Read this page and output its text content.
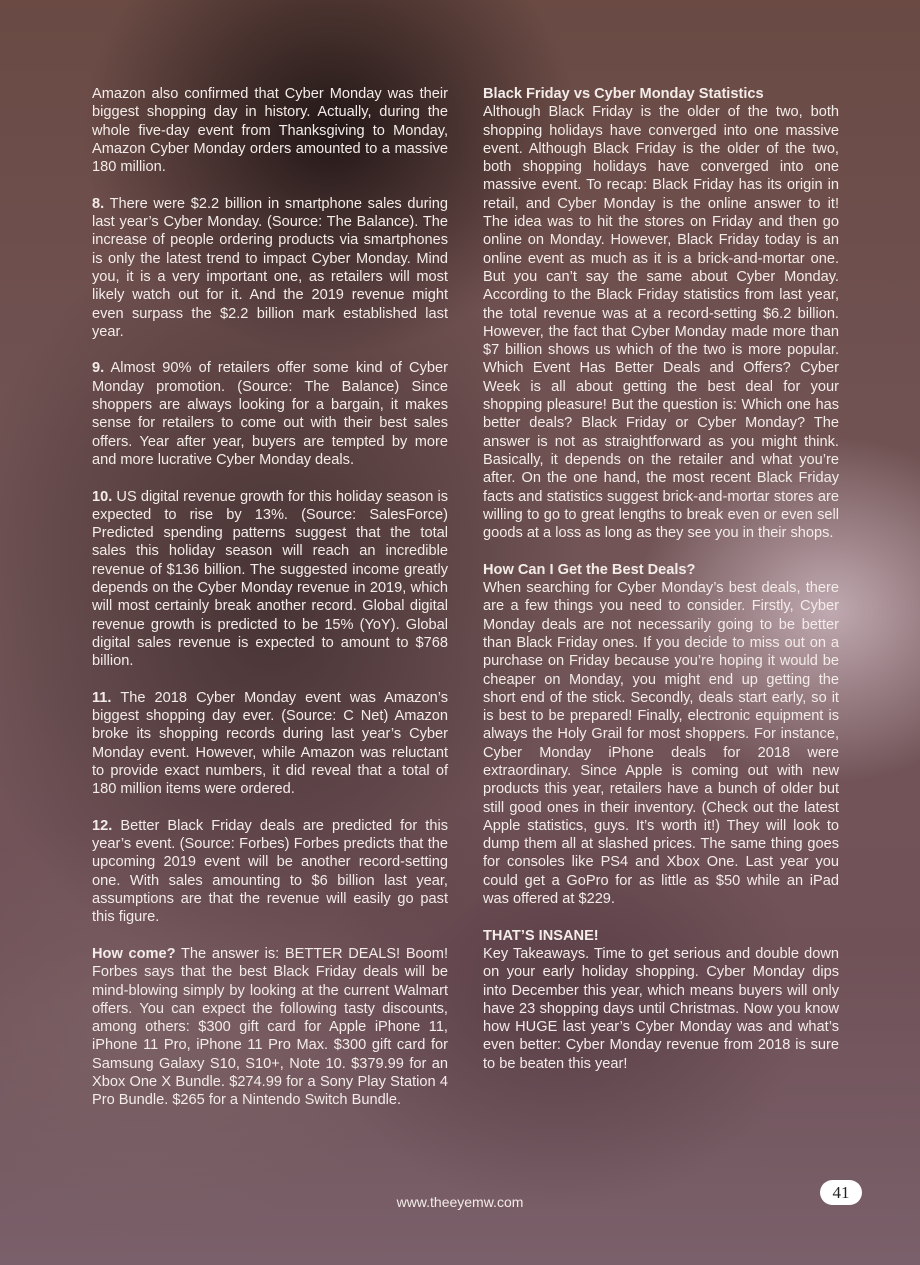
Amazon also confirmed that Cyber Monday was their biggest shopping day in history. Actually, during the whole five-day event from Thanksgiving to Monday, Amazon Cyber Monday orders amounted to a massive 180 million.

8. There were $2.2 billion in smartphone sales during last year’s Cyber Monday. (Source: The Balance). The increase of people ordering products via smartphones is only the latest trend to impact Cyber Monday. Mind you, it is a very important one, as retailers will most likely watch out for it. And the 2019 revenue might even surpass the $2.2 billion mark established last year.

9. Almost 90% of retailers offer some kind of Cyber Monday promotion. (Source: The Balance) Since shoppers are always looking for a bargain, it makes sense for retailers to come out with their best sales offers. Year after year, buyers are tempted by more and more lucrative Cyber Monday deals.

10. US digital revenue growth for this holiday season is expected to rise by 13%. (Source: SalesForce) Predicted spending patterns suggest that the total sales this holiday season will reach an incredible revenue of $136 billion. The suggested income greatly depends on the Cyber Monday revenue in 2019, which will most certainly break another record. Global digital revenue growth is predicted to be 15% (YoY). Global digital sales revenue is expected to amount to $768 billion.

11. The 2018 Cyber Monday event was Amazon’s biggest shopping day ever. (Source: C Net) Amazon broke its shopping records during last year’s Cyber Monday event. However, while Amazon was reluctant to provide exact numbers, it did reveal that a total of 180 million items were ordered.

12. Better Black Friday deals are predicted for this year’s event. (Source: Forbes) Forbes predicts that the upcoming 2019 event will be another record-setting one. With sales amounting to $6 billion last year, assumptions are that the revenue will easily go past this figure.

How come? The answer is: BETTER DEALS! Boom! Forbes says that the best Black Friday deals will be mind-blowing simply by looking at the current Walmart offers. You can expect the following tasty discounts, among others: $300 gift card for Apple iPhone 11, iPhone 11 Pro, iPhone 11 Pro Max. $300 gift card for Samsung Galaxy S10, S10+, Note 10. $379.99 for an Xbox One X Bundle. $274.99 for a Sony Play Station 4 Pro Bundle. $265 for a Nintendo Switch Bundle.

Black Friday vs Cyber Monday Statistics
Although Black Friday is the older of the two, both shopping holidays have converged into one massive event. Although Black Friday is the older of the two, both shopping holidays have converged into one massive event. To recap: Black Friday has its origin in retail, and Cyber Monday is the online answer to it! The idea was to hit the stores on Friday and then go online on Monday. However, Black Friday today is an online event as much as it is a brick-and-mortar one. But you can’t say the same about Cyber Monday. According to the Black Friday statistics from last year, the total revenue was at a record-setting $6.2 billion. However, the fact that Cyber Monday made more than $7 billion shows us which of the two is more popular. Which Event Has Better Deals and Offers? Cyber Week is all about getting the best deal for your shopping pleasure! But the question is: Which one has better deals? Black Friday or Cyber Monday? The answer is not as straightforward as you might think. Basically, it depends on the retailer and what you’re after. On the one hand, the most recent Black Friday facts and statistics suggest brick-and-mortar stores are willing to go to great lengths to break even or even sell goods at a loss as long as they see you in their shops.

How Can I Get the Best Deals?
When searching for Cyber Monday’s best deals, there are a few things you need to consider. Firstly, Cyber Monday deals are not necessarily going to be better than Black Friday ones. If you decide to miss out on a purchase on Friday because you’re hoping it would be cheaper on Monday, you might end up getting the short end of the stick. Secondly, deals start early, so it is best to be prepared! Finally, electronic equipment is always the Holy Grail for most shoppers. For instance, Cyber Monday iPhone deals for 2018 were extraordinary. Since Apple is coming out with new products this year, retailers have a bunch of older but still good ones in their inventory. (Check out the latest Apple statistics, guys. It’s worth it!) They will look to dump them all at slashed prices. The same thing goes for consoles like PS4 and Xbox One. Last year you could get a GoPro for as little as $50 while an iPad was offered at $229.

THAT’S INSANE!
Key Takeaways. Time to get serious and double down on your early holiday shopping. Cyber Monday dips into December this year, which means buyers will only have 23 shopping days until Christmas. Now you know how HUGE last year’s Cyber Monday was and what’s even better: Cyber Monday revenue from 2018 is sure to be beaten this year!

www.theeyemw.com	41
